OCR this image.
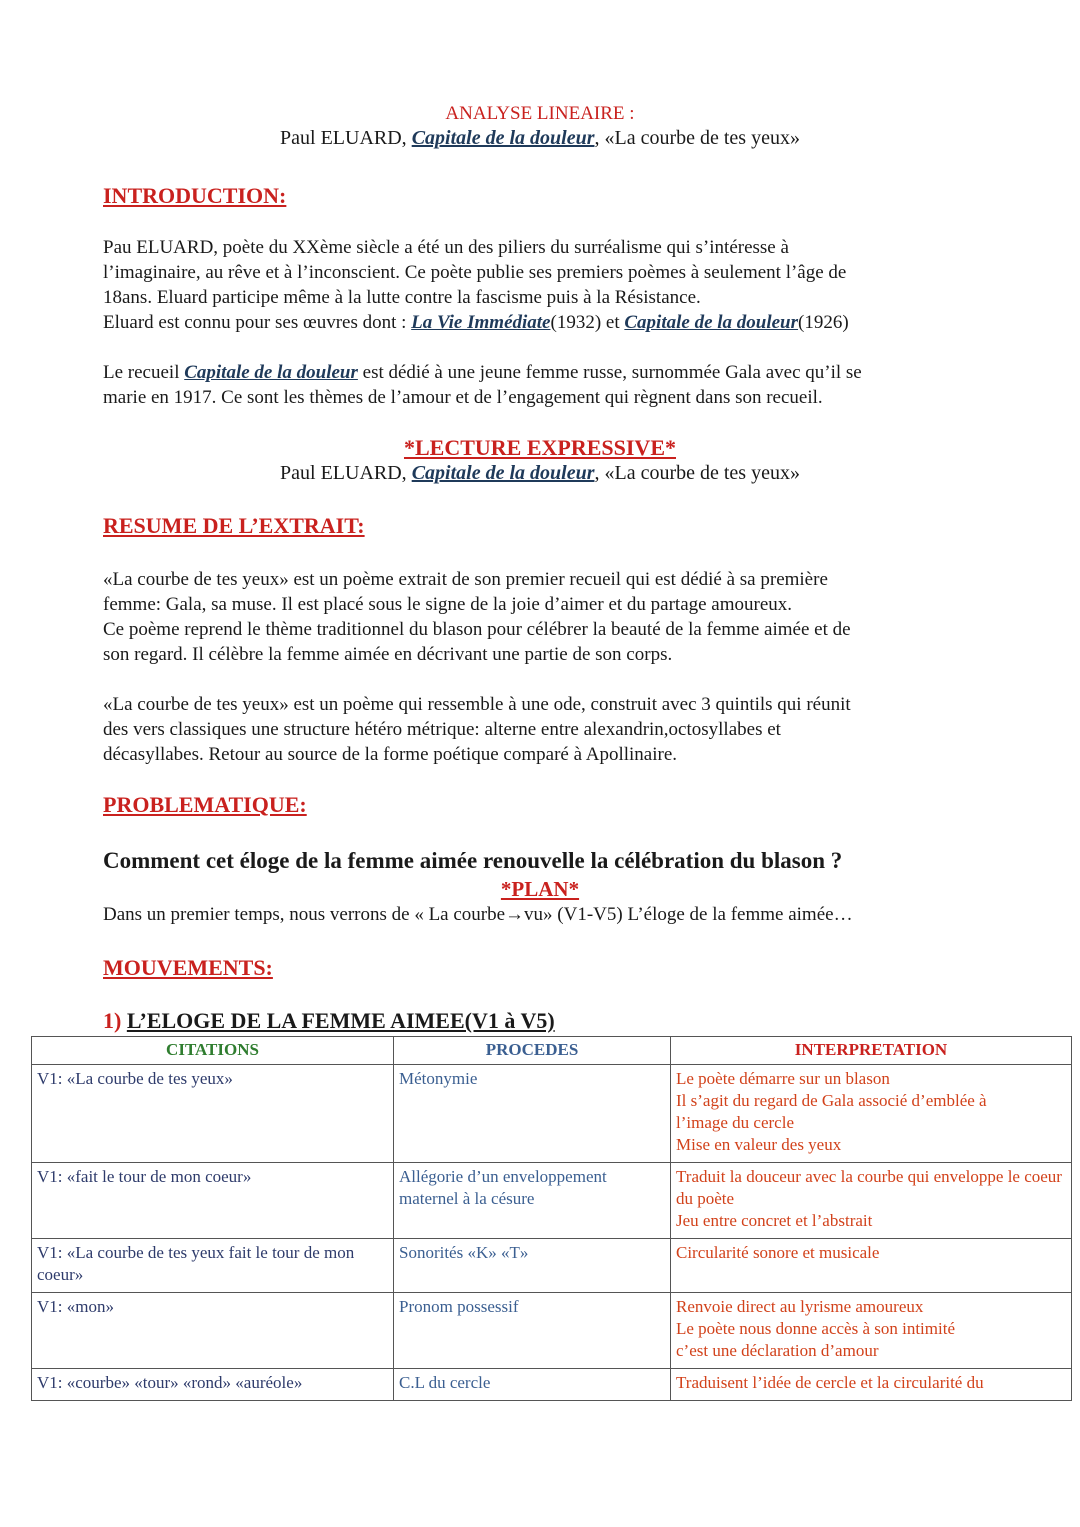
ANALYSE LINEAIRE :
Paul ELUARD, Capitale de la douleur, «La courbe de tes yeux»
INTRODUCTION:
Pau ELUARD, poète du XXème siècle a été un des piliers du surréalisme qui s’intéresse à
l’imaginaire, au rêve et à l’inconscient. Ce poète publie ses premiers poèmes à seulement l’âge de
18ans. Eluard participe même à la lutte contre la fascisme puis à la Résistance.
Eluard est connu pour ses œuvres dont : La Vie Immédiate(1932) et Capitale de la douleur(1926)
Le recueil Capitale de la douleur est dédié à une jeune femme russe, surnommée Gala avec qu’il se
marie en 1917. Ce sont les thèmes de l’amour et de l’engagement qui règnent dans son recueil.
*LECTURE EXPRESSIVE*
Paul ELUARD, Capitale de la douleur, «La courbe de tes yeux»
RESUME DE L’EXTRAIT:
«La courbe de tes yeux» est un poème extrait de son premier recueil qui est dédié à sa première
femme: Gala, sa muse. Il est placé sous le signe de la joie d’aimer et du partage amoureux.
Ce poème reprend le thème traditionnel du blason pour célébrer la beauté de la femme aimée et de
son regard. Il célèbre la femme aimée en décrivant une partie de son corps.
«La courbe de tes yeux» est un poème qui ressemble à une ode, construit avec 3 quintils qui réunit
des vers classiques une structure hétéro métrique: alterne entre alexandrin,octosyllabes et
décasyllabes. Retour au source de la forme poétique comparé à Apollinaire.
PROBLEMATIQUE:
Comment cet éloge de la femme aimée renouvelle la célébration du blason ?
*PLAN*
Dans un premier temps, nous verrons de « La courbe→vu» (V1-V5) L’éloge de la femme aimée…
MOUVEMENTS:
1) L’ELOGE DE LA FEMME AIMEE(V1 à V5)
CITATIONS	PROCEDES	INTERPRETATION
V1: «La courbe de tes yeux»	Métonymie	Le poète démarre sur un blason
Il s’agit du regard de Gala associé d’emblée à
l’image du cercle
Mise en valeur des yeux

V1: «fait le tour de mon coeur»	Allégorie d’un enveloppement maternel à la césure	Traduit la douceur avec la courbe qui enveloppe le coeur du poète
Jeu entre concret et l’abstrait

V1: «La courbe de tes yeux fait le tour de mon coeur»	Sonorités «K» «T»	Circularité sonore et musicale

V1: «mon»	Pronom possessif	Renvoie direct au lyrisme amoureux
Le poète nous donne accès à son intimité
c’est une déclaration d’amour

V1: «courbe» «tour» «rond» «auréole»	C.L du cercle	Traduisent l’idée de cercle et la circularité du
